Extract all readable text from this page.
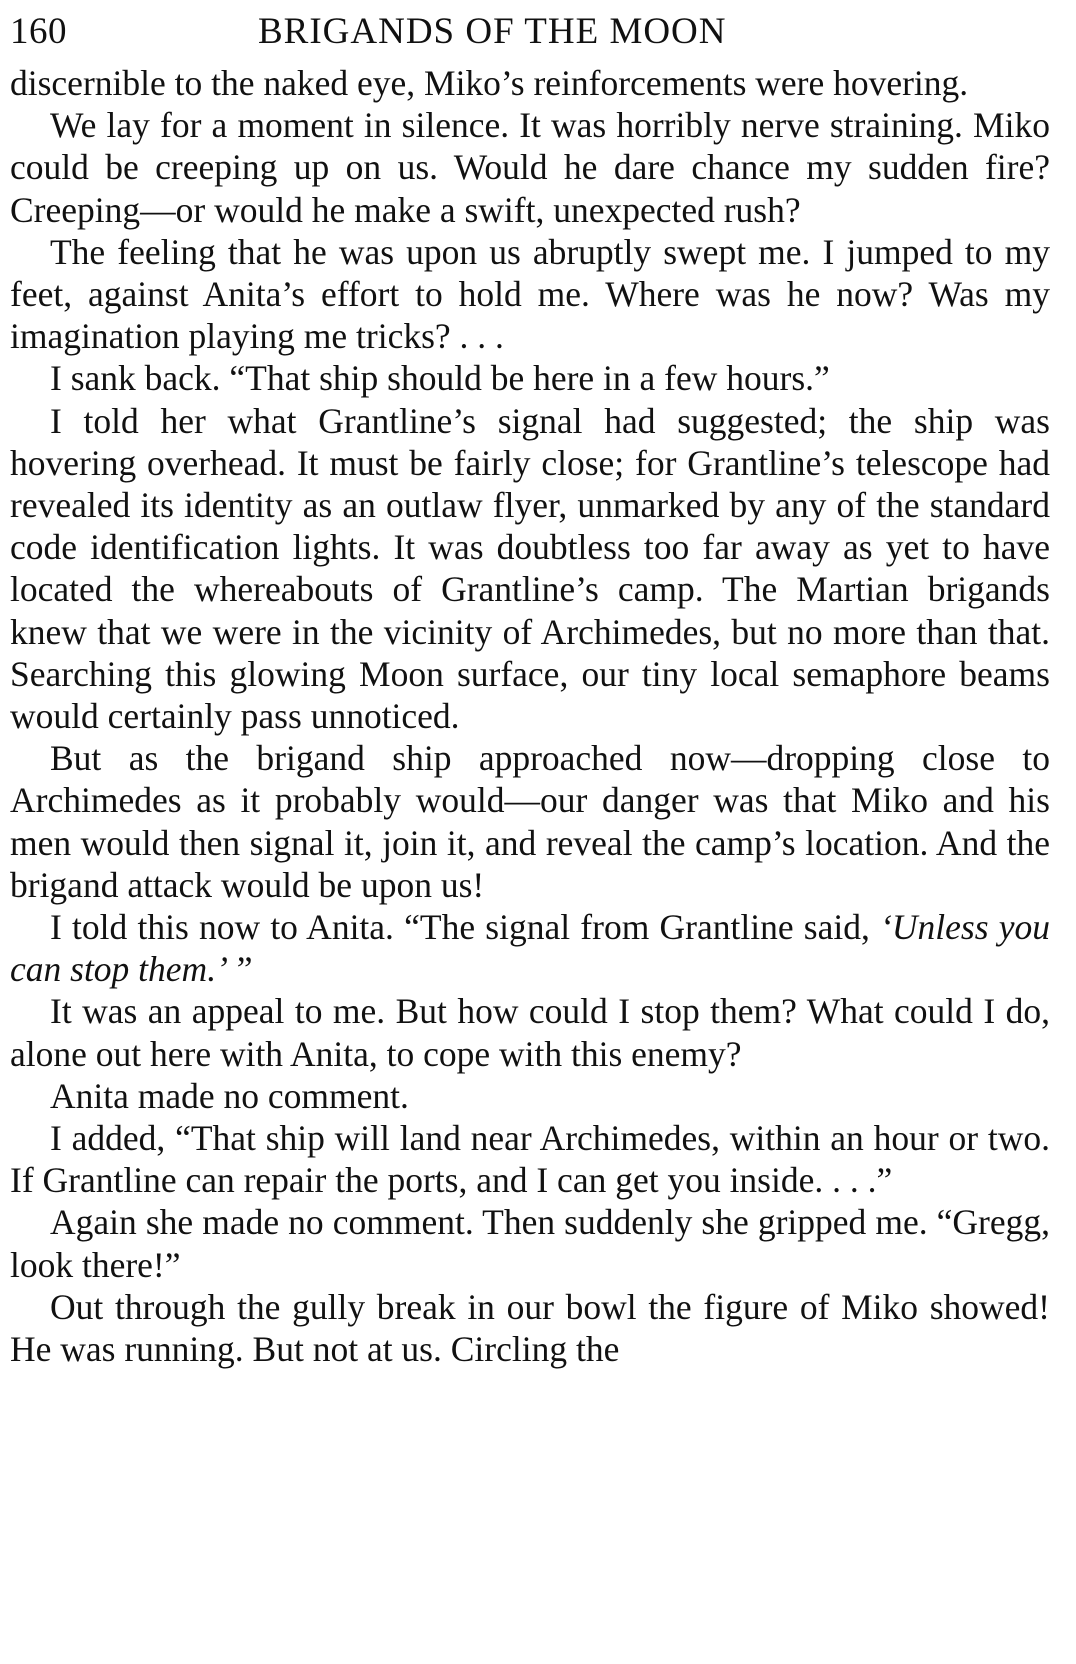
160	BRIGANDS OF THE MOON

discernible to the naked eye, Miko’s reinforcements were hovering.

We lay for a moment in silence. It was horribly nerve straining. Miko could be creeping up on us. Would he dare chance my sudden fire? Creeping—or would he make a swift, unexpected rush?

The feeling that he was upon us abruptly swept me. I jumped to my feet, against Anita’s effort to hold me. Where was he now? Was my imagination playing me tricks? . . .

I sank back. “That ship should be here in a few hours.”

I told her what Grantline’s signal had suggested; the ship was hovering overhead. It must be fairly close; for Grantline’s telescope had revealed its identity as an outlaw flyer, unmarked by any of the standard code identification lights. It was doubtless too far away as yet to have located the whereabouts of Grantline’s camp. The Martian brigands knew that we were in the vicinity of Archimedes, but no more than that. Searching this glowing Moon surface, our tiny local semaphore beams would certainly pass unnoticed.

But as the brigand ship approached now—dropping close to Archimedes as it probably would—our danger was that Miko and his men would then signal it, join it, and reveal the camp’s location. And the brigand attack would be upon us!

I told this now to Anita. “The signal from Grantline said, ‘Unless you can stop them.’ ”

It was an appeal to me. But how could I stop them? What could I do, alone out here with Anita, to cope with this enemy?

Anita made no comment.

I added, “That ship will land near Archimedes, within an hour or two. If Grantline can repair the ports, and I can get you inside. . . .”

Again she made no comment. Then suddenly she gripped me. “Gregg, look there!”

Out through the gully break in our bowl the figure of Miko showed! He was running. But not at us. Circling the
